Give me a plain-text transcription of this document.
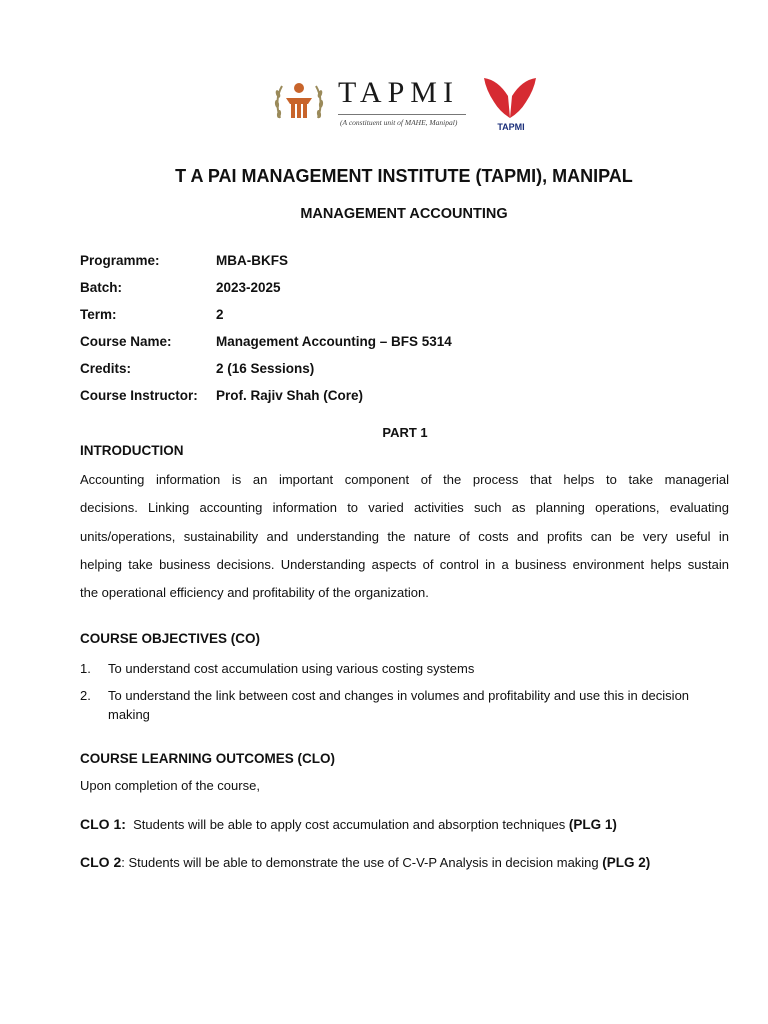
TAPMI
(A constituent unit of MAHE, Manipal)	TAPMI
T A PAI MANAGEMENT INSTITUTE (TAPMI), MANIPAL
MANAGEMENT ACCOUNTING
Programme:	MBA-BKFS
Batch:	2023-2025
Term:	2
Course Name:	Management Accounting – BFS 5314
Credits:	2 (16 Sessions)
Course Instructor: Prof. Rajiv Shah (Core)
PART 1
INTRODUCTION
Accounting information is an important component of the process that helps to take managerial
decisions. Linking accounting information to varied activities such as planning operations, evaluating
units/operations, sustainability and understanding the nature of costs and profits can be very useful in
helping take business decisions. Understanding aspects of control in a business environment helps sustain
the operational efficiency and profitability of the organization.
COURSE OBJECTIVES (CO)
1. To understand cost accumulation using various costing systems
2. To understand the link between cost and changes in volumes and profitability and use this in decision making
COURSE LEARNING OUTCOMES (CLO)
Upon completion of the course,
CLO 1:  Students will be able to apply cost accumulation and absorption techniques (PLG 1)
CLO 2: Students will be able to demonstrate the use of C-V-P Analysis in decision making (PLG 2)
